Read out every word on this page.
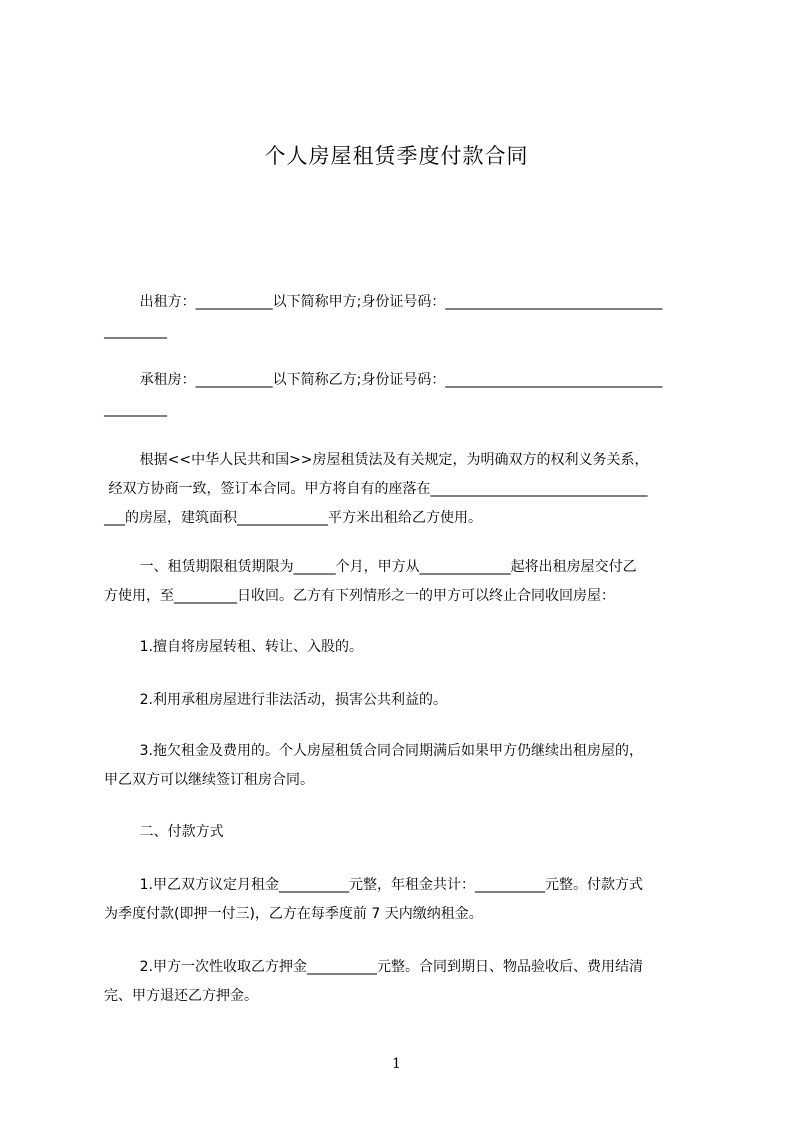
个人房屋租赁季度付款合同
出租方：___________以下简称甲方;身份证号码：_______________________________
_________
承租房：___________以下简称乙方;身份证号码：_______________________________
_________
根据<<中华人民共和国>>房屋租赁法及有关规定，为明确双方的权利义务关系，
经双方协商一致，签订本合同。甲方将自有的座落在_______________________________
___的房屋，建筑面积_____________平方米出租给乙方使用。
一、租赁期限租赁期限为______个月，甲方从_____________起将出租房屋交付乙
方使用，至_________日收回。乙方有下列情形之一的甲方可以终止合同收回房屋：
1.擅自将房屋转租、转让、入股的。
2.利用承租房屋进行非法活动，损害公共利益的。
3.拖欠租金及费用的。个人房屋租赁合同合同期满后如果甲方仍继续出租房屋的，
甲乙双方可以继续签订租房合同。
二、付款方式
1.甲乙双方议定月租金__________元整，年租金共计：__________元整。付款方式
为季度付款(即押一付三)，乙方在每季度前 7 天内缴纳租金。
2.甲方一次性收取乙方押金__________元整。合同到期日、物品验收后、费用结清
完、甲方退还乙方押金。
1
